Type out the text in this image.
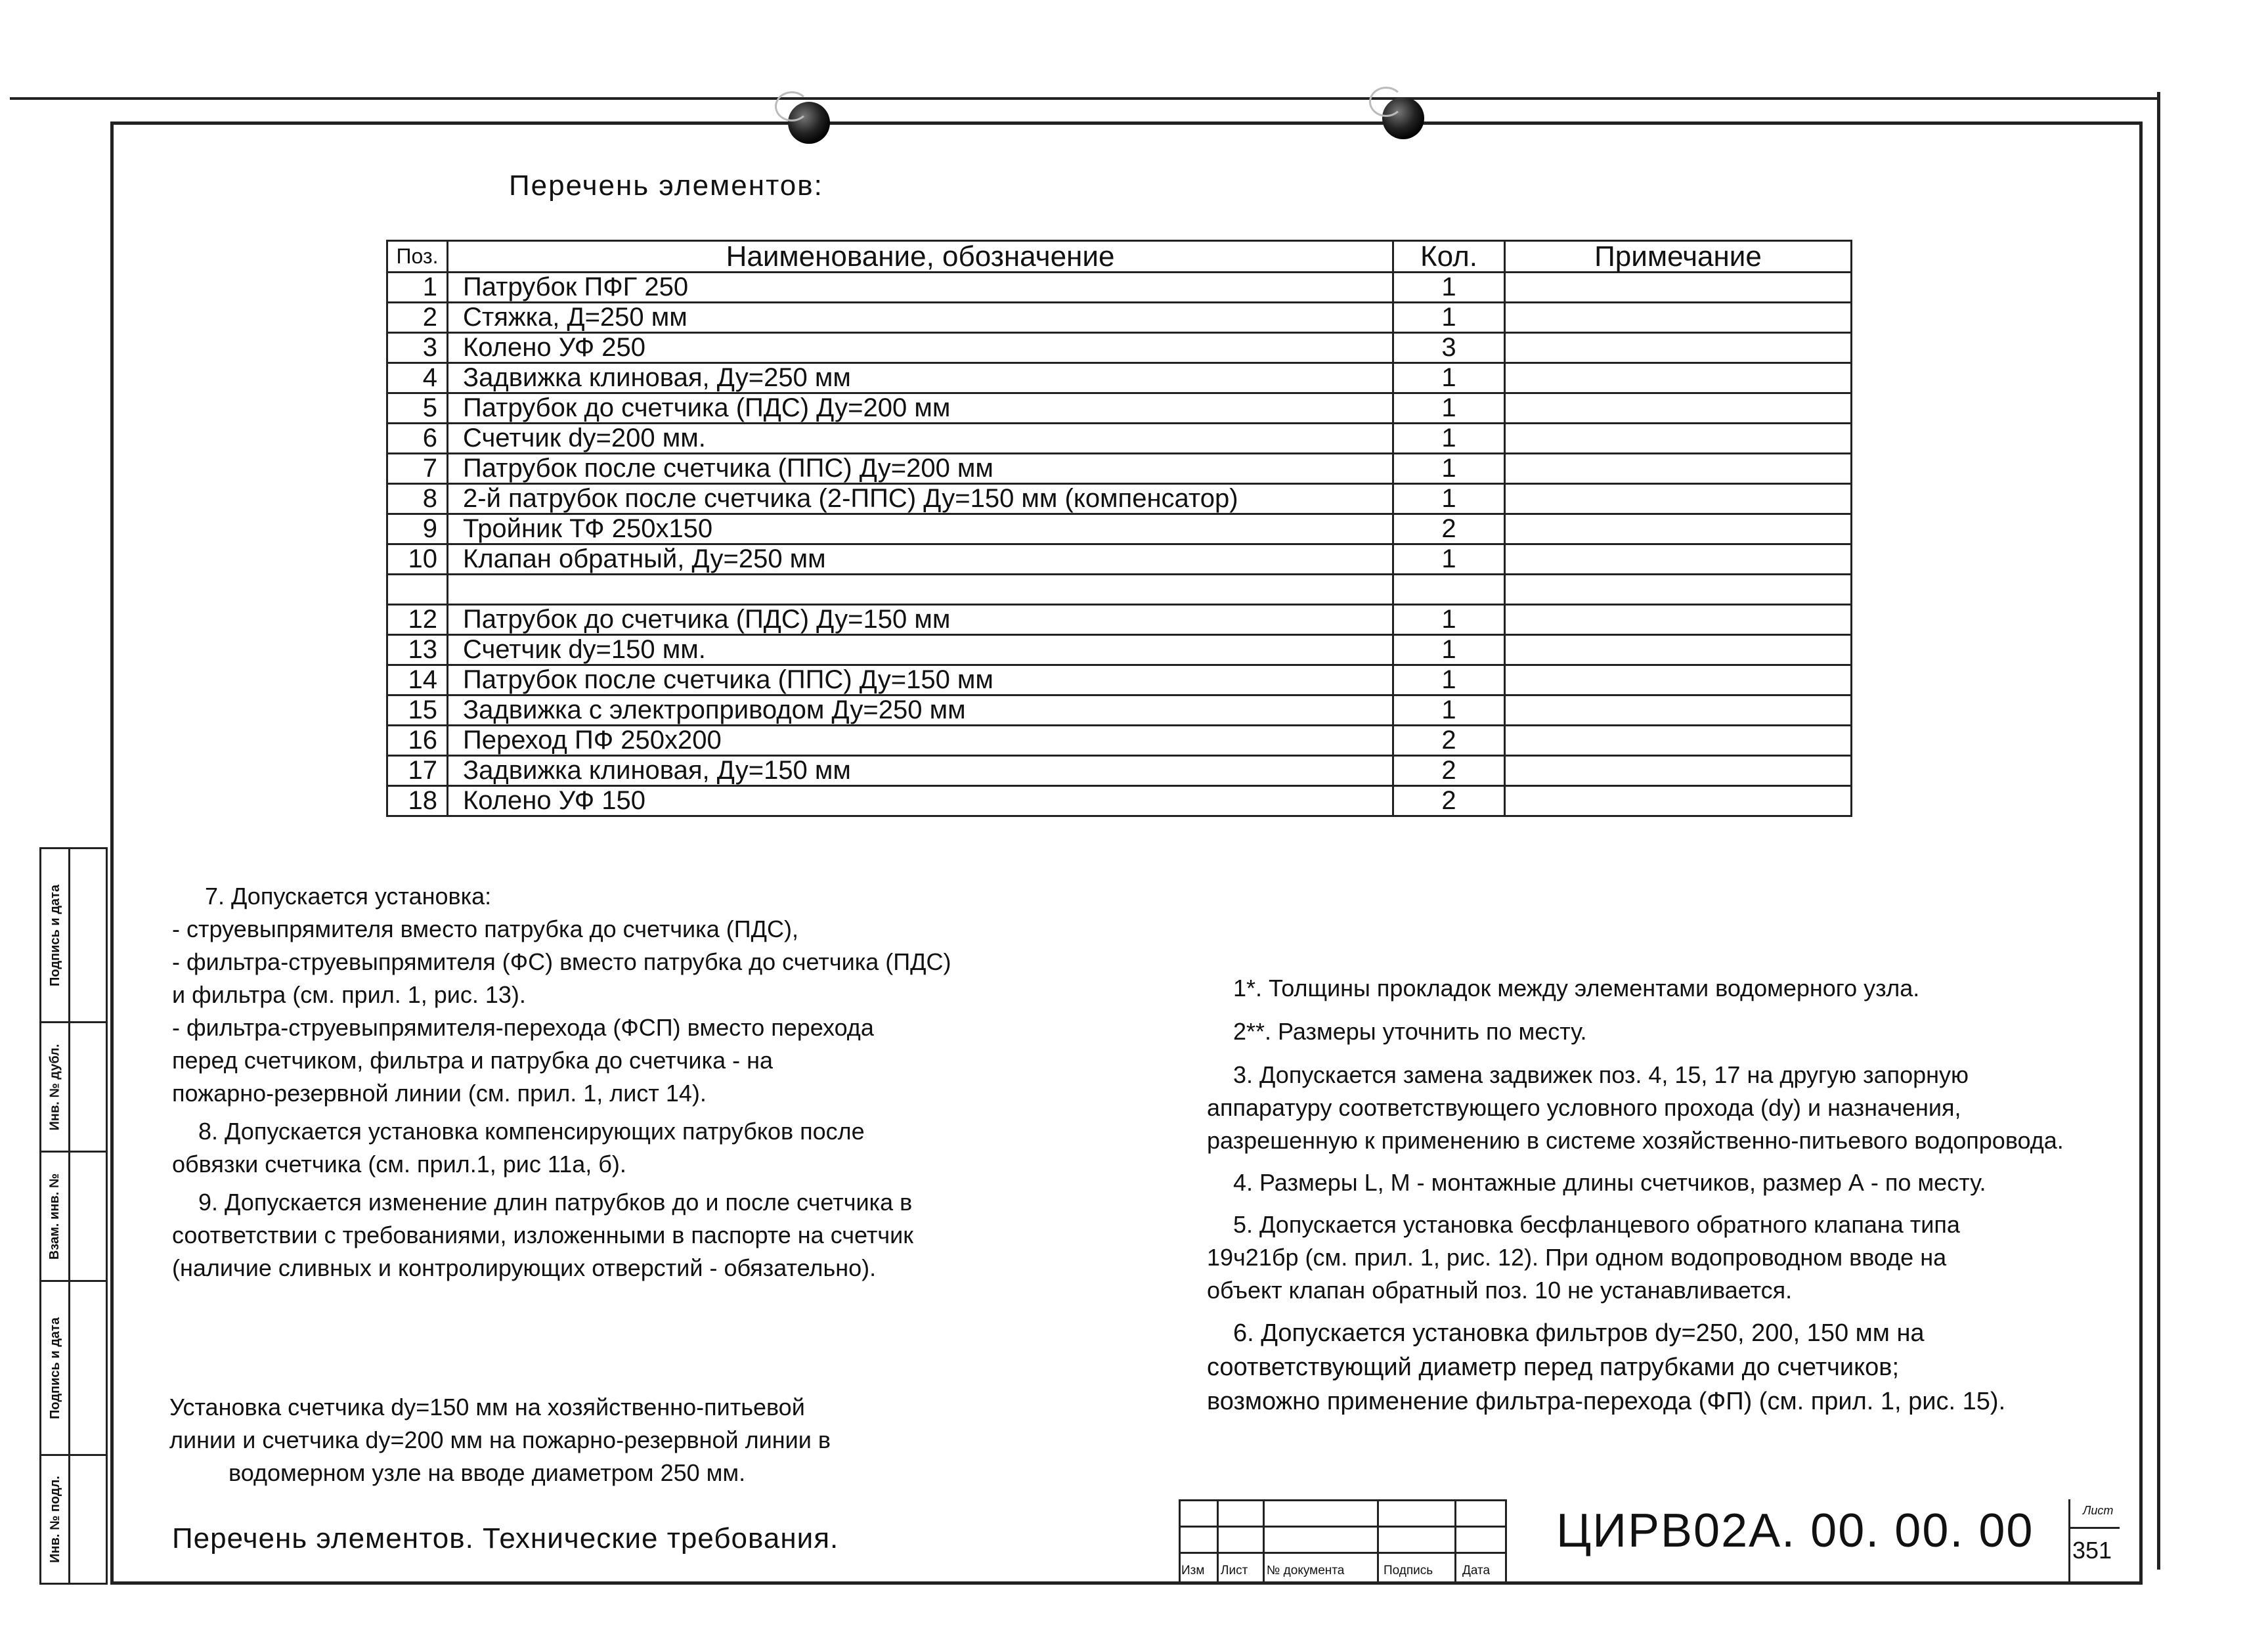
Перечень элементов:
Поз.	Наименование, обозначение	Кол.	Примечание
1	Патрубок ПФГ 250	1	
2	Стяжка, Д=250 мм	1	
3	Колено УФ 250	3	
4	Задвижка клиновая, Ду=250 мм	1	
5	Патрубок до счетчика (ПДС) Ду=200 мм	1	
6	Счетчик dy=200 мм.	1	
7	Патрубок после счетчика (ППС) Ду=200 мм	1	
8	2-й патрубок после счетчика (2-ППС) Ду=150 мм (компенсатор)	1	
9	Тройник ТФ 250х150	2	
10	Клапан обратный, Ду=250 мм	1	

12	Патрубок до счетчика (ПДС) Ду=150 мм	1	
13	Счетчик dy=150 мм.	1	
14	Патрубок после счетчика (ППС) Ду=150 мм	1	
15	Задвижка с электроприводом Ду=250 мм	1	
16	Переход ПФ 250х200	2	
17	Задвижка клиновая, Ду=150 мм	2	
18	Колено УФ 150	2	
7. Допускается установка:
- струевыпрямителя вместо патрубка до счетчика (ПДС),
- фильтра-струевыпрямителя (ФС) вместо патрубка до счетчика (ПДС)
и фильтра (см. прил. 1, рис. 13).
- фильтра-струевыпрямителя-перехода (ФСП) вместо перехода
перед счетчиком, фильтра и патрубка до счетчика - на
пожарно-резервной линии (см. прил. 1, лист 14).
8. Допускается установка компенсирующих патрубков после
обвязки счетчика (см. прил.1, рис 11а, б).
9. Допускается изменение длин патрубков до и после счетчика в
соответствии с требованиями, изложенными в паспорте на счетчик
(наличие сливных и контролирующих отверстий - обязательно).
1*. Толщины прокладок между элементами водомерного узла.
2**. Размеры уточнить по месту.
3. Допускается замена задвижек поз. 4, 15, 17 на другую запорную
аппаратуру соответствующего условного прохода (dy) и назначения,
разрешенную к применению в системе хозяйственно-питьевого водопровода.
4. Размеры L, М - монтажные длины счетчиков, размер А - по месту.
5. Допускается установка бесфланцевого обратного клапана типа
19ч21бр (см. прил. 1, рис. 12). При одном водопроводном вводе на
объект клапан обратный поз. 10 не устанавливается.
6. Допускается установка фильтров dy=250, 200, 150 мм на
соответствующий диаметр перед патрубками до счетчиков;
возможно применение фильтра-перехода (ФП) (см. прил. 1, рис. 15).
Установка счетчика dy=150 мм на хозяйственно-питьевой
линии и счетчика dy=200 мм на пожарно-резервной линии в
водомерном узле на вводе диаметром 250 мм.
Перечень элементов. Технические требования.	ЦИРВ02А. 00. 00. 00
Изм Лист № документа	Подпись Дата
Лист
351
Подпись и дата
Инв. № дубл.
Взам. инв. №
Подпись и дата
Инв. № подл.
